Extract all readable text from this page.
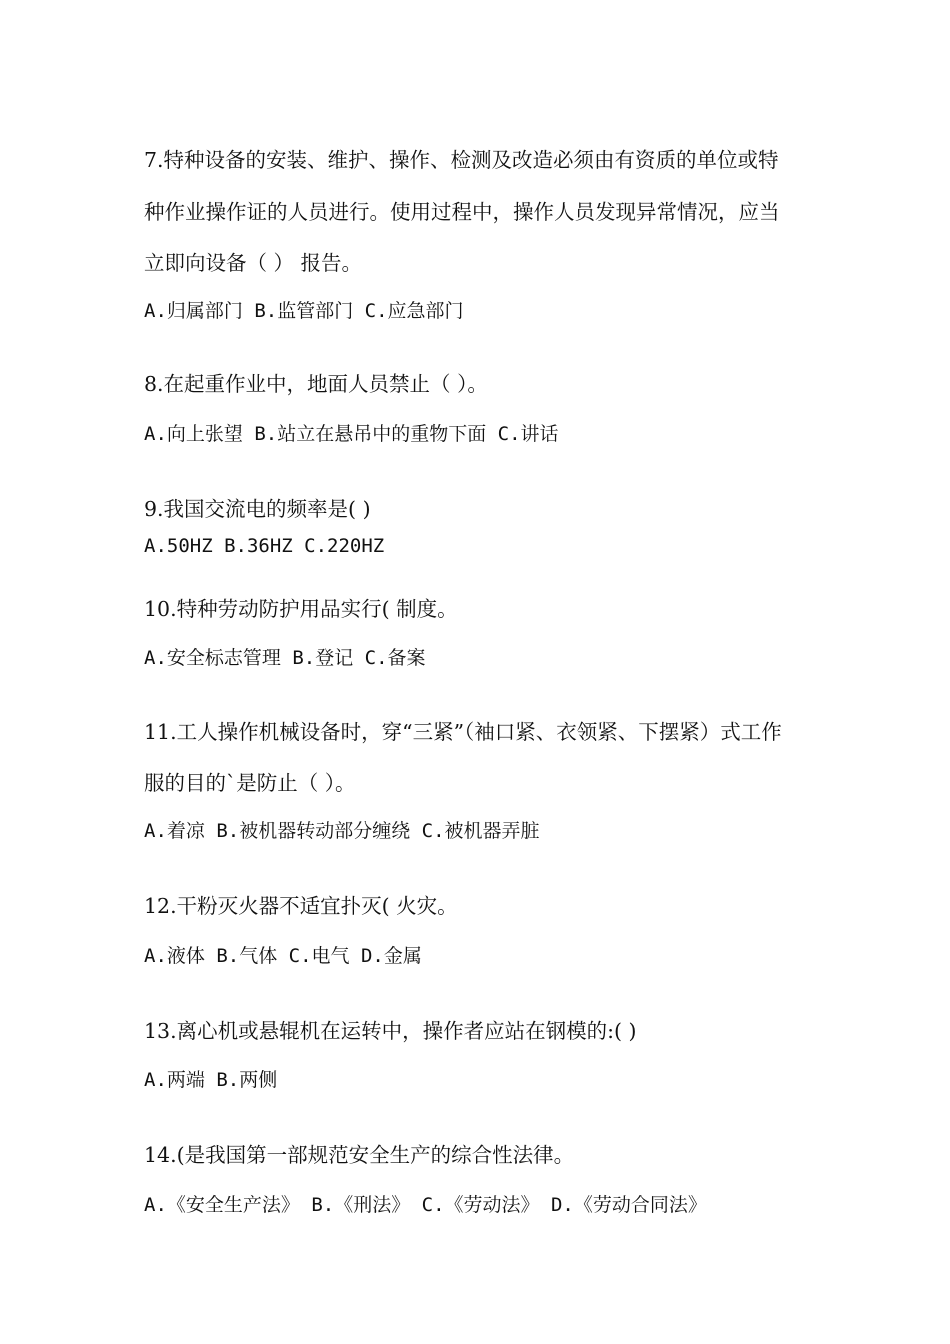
7.特种设备的安装、维护、操作、检测及改造必须由有资质的单位或特
种作业操作证的人员进行。使用过程中，操作人员发现异常情况，应当
立即向设备（ ） 报告。
A.归属部门 B.监管部门 C.应急部门
8.在起重作业中，地面人员禁止（ ）。
A.向上张望 B.站立在悬吊中的重物下面 C.讲话
9.我国交流电的频率是( )
A.50HZ B.36HZ C.220HZ
10.特种劳动防护用品实行( 制度。
A.安全标志管理 B.登记 C.备案
11.工人操作机械设备时，穿“三紧”（袖口紧、衣领紧、下摆紧）式工作
服的目的`是防止（ ）。
A.着凉 B.被机器转动部分缠绕 C.被机器弄脏
12.干粉灭火器不适宜扑灭( 火灾。
A.液体 B.气体 C.电气 D.金属
13.离心机或悬辊机在运转中，操作者应站在钢模的:( )
A.两端 B.两侧
14.(是我国第一部规范安全生产的综合性法律。
A.《安全生产法》 B.《刑法》 C.《劳动法》 D.《劳动合同法》
